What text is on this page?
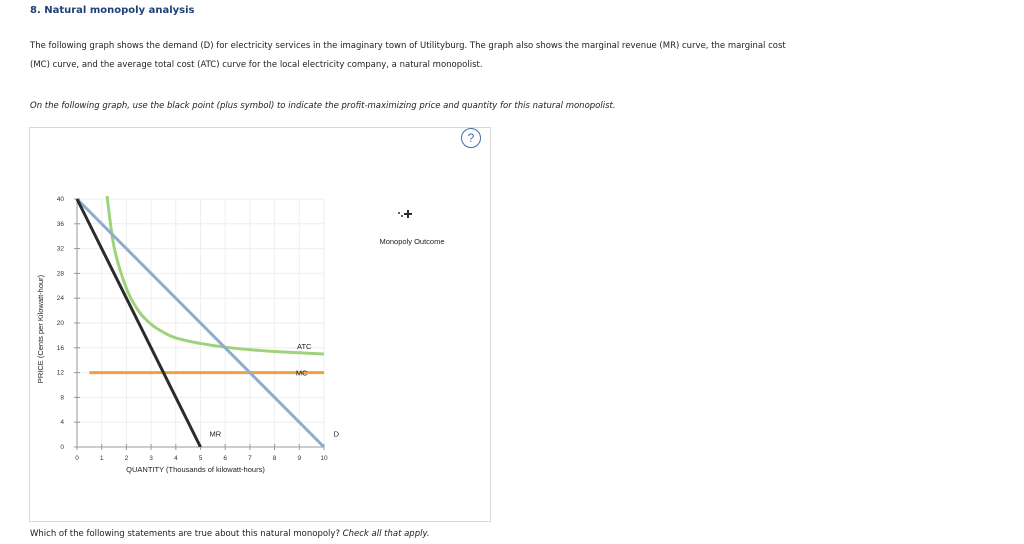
8. Natural monopoly analysis
The following graph shows the demand (D) for electricity services in the imaginary town of Utilityburg. The graph also shows the marginal revenue (MR) curve, the marginal cost (MC) curve, and the average total cost (ATC) curve for the local electricity company, a natural monopolist.
On the following graph, use the black point (plus symbol) to indicate the profit-maximizing price and quantity for this natural monopolist.
0
4
8
12
16
20
24
28
32
36
40
0	1	2	3	4	5	6	7	8	9	10
QUANTITY (Thousands of kilowatt-hours)
PRICE (Cents per Kilowatt-hour)	ATC
MC
MR	D
Monopoly Outcome
?
Which of the following statements are true about this natural monopoly? Check all that apply.
